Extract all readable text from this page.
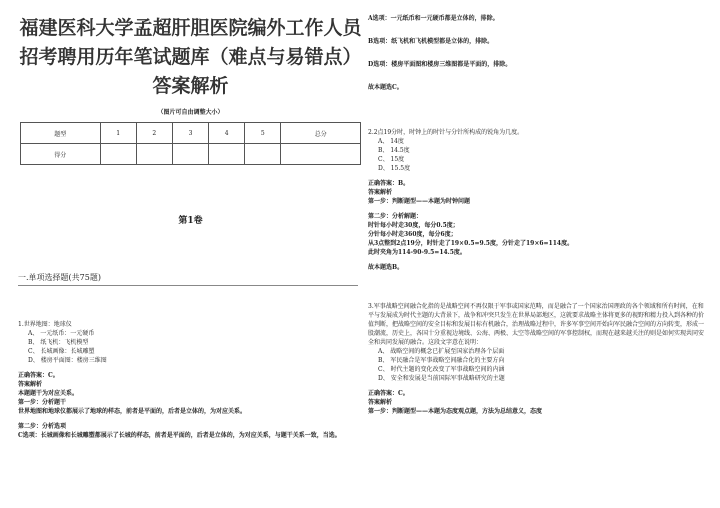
福建医科大学孟超肝胆医院编外工作人员招考聘用历年笔试题库（难点与易错点）答案解析
（图片可自由调整大小）
题型	1	2	3	4	5	总分
得分						
第1卷
一.单项选择题(共75题)
1.世界地图：地球仪
A、 一元纸币：一元硬币
B、 纸飞机：飞机模型
C、 长城画像：长城雕塑
D、 楼房平面图：楼房三维图
正确答案：C。
答案解析
本题题干为对应关系。
第一步：分析题干
世界地图和地球仪都展示了地球的样态，前者是平面的，后者是立体的，为对应关系。
第二步：分析选项
C选项：长城画像和长城雕塑都展示了长城的样态，前者是平面的，后者是立体的，为对应关系，与题干关系一致，当选。
A选项：一元纸币和一元硬币都是立体的，排除。
B选项：纸飞机和飞机模型都是立体的，排除。
D选项：楼房平面图和楼房三维图都是平面的，排除。
故本题选C。
2.2点19分时，时钟上的时针与分针所构成的锐角为几度。
A、 14度
B、 14.5度
C、 15度
D、 15.5度
正确答案：B。
答案解析
第一步：判断题型——本题为时钟问题
第二步：分析解题：
时针每小时走30度，每分0.5度；
分针每小时走360度，每分6度；
从3点整到2点19分，时针走了19×0.5=9.5度，分针走了19×6=114度。
此时夹角为114-90-9.5=14.5度。
故本题选B。
3.军事战略空间融合化指的是战略空间不再仅限于军事或国家范畴，而是融合了一个国家治国理政的各个领域和所有时间，在和平与发展成为时代主题的大背景下，战争和冲突只发生在世界局部地区，这就要求战略主体将更多的视野和精力投入到各种的价值判断，把战略空间的安全目标和发展目标有机融合，治理战略过程中，许多军事空间开始向军民融合空间的方向转变，形成一股潮流，历史上，各国十分重视边境线、公海、两极、太空等战略空间的军事控制权，而现在越来越关注的则是如何实现共同安全和共同发展的融合。这段文字意在说明：
A、 战略空间的概念已扩展至国家治理各个层面
B、 军民融合是军事战略空间融合化的主要方向
C、 时代主题的变化改变了军事战略空间的内涵
D、 安全和发展是当前国际军事战略研究的主题
正确答案：C。
答案解析
第一步：判断题型——本题为态度观点题，方法为总结意义，态度
